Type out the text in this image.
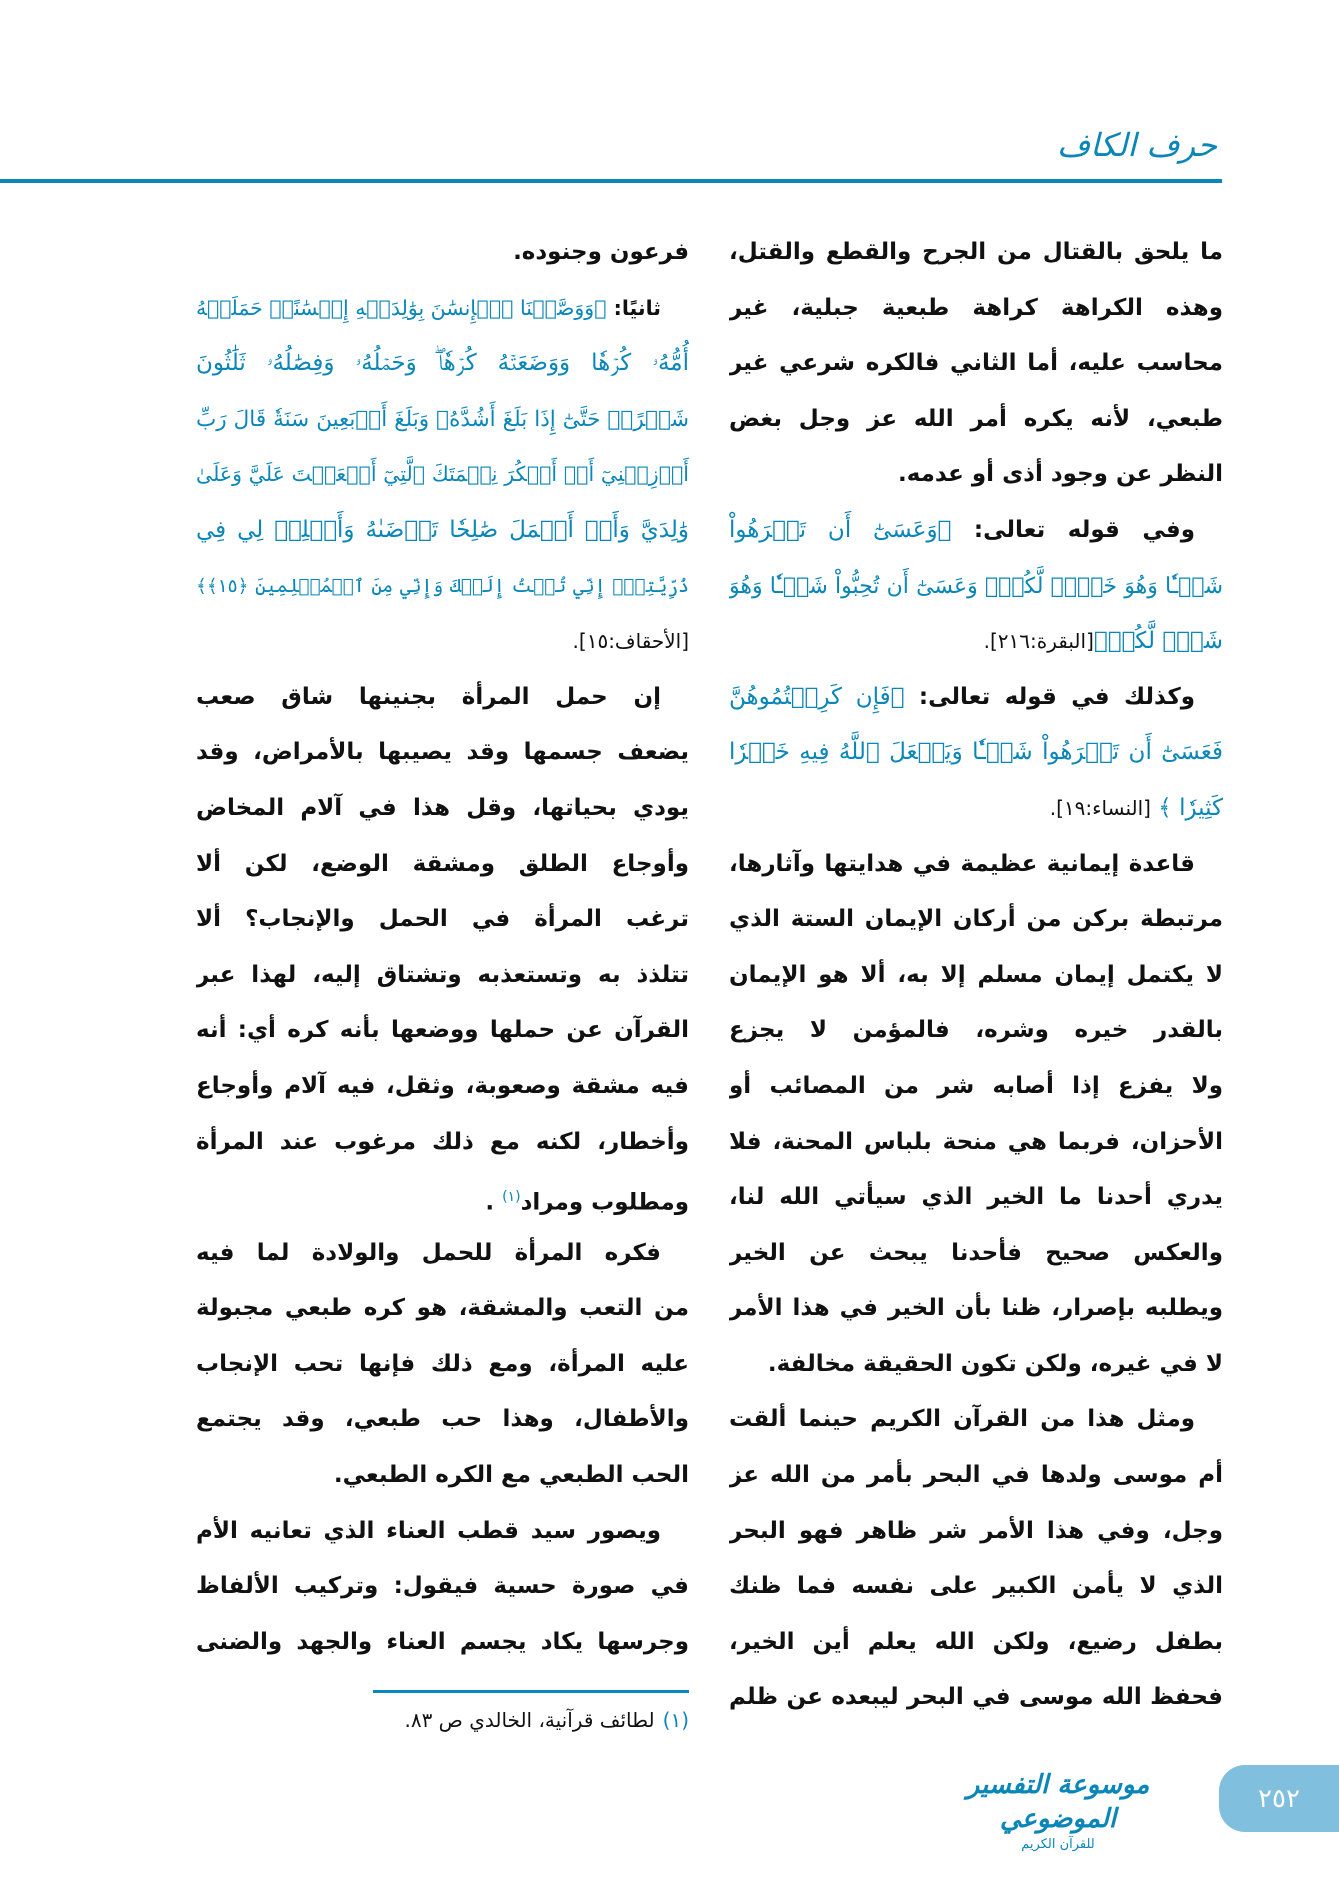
حرف الكاف
ما يلحق بالقتال من الجرح والقطع والقتل،
وهذه الكراهة كراهة طبعية جبلية، غير
محاسب عليه، أما الثاني فالكره شرعي غير
طبعي، لأنه يكره أمر الله عز وجل بغض
النظر عن وجود أذى أو عدمه.
وفي قوله تعالى: ﴿وَعَسَىٰٓ أَن تَكۡرَهُواْ
شَيۡـٔٗا وَهُوَ خَيۡرٞ لَّكُمۡۖ وَعَسَىٰٓ أَن تُحِبُّواْ شَيۡـٔٗا وَهُوَ
شَرّٞ لَّكُمۡ﴾[البقرة:٢١٦].
وكذلك في قوله تعالى: ﴿فَإِن كَرِهۡتُمُوهُنَّ
فَعَسَىٰٓ أَن تَكۡرَهُواْ شَيۡـٔٗا وَيَجۡعَلَ ٱللَّهُ فِيهِ خَيۡرٗا
كَثِيرٗا ﴾ [النساء:١٩].
قاعدة إيمانية عظيمة في هدايتها وآثارها،
مرتبطة بركن من أركان الإيمان الستة الذي
لا يكتمل إيمان مسلم إلا به، ألا هو الإيمان
بالقدر خيره وشره، فالمؤمن لا يجزع
ولا يفزع إذا أصابه شر من المصائب أو
الأحزان، فربما هي منحة بلباس المحنة، فلا
يدري أحدنا ما الخير الذي سيأتي الله لنا،
والعكس صحيح فأحدنا يبحث عن الخير
ويطلبه بإصرار، ظنا بأن الخير في هذا الأمر
لا في غيره، ولكن تكون الحقيقة مخالفة.
ومثل هذا من القرآن الكريم حينما ألقت
أم موسى ولدها في البحر بأمر من الله عز
وجل، وفي هذا الأمر شر ظاهر فهو البحر
الذي لا يأمن الكبير على نفسه فما ظنك
بطفل رضيع، ولكن الله يعلم أين الخير،
فحفظ الله موسى في البحر ليبعده عن ظلم
فرعون وجنوده.
ثانيًا: ﴿وَوَصَّيۡنَا ٱلۡإِنسَٰنَ بِوَٰلِدَيۡهِ إِحۡسَٰنًاۖ حَمَلَتۡهُ
أُمُّهُۥ كُرۡهٗا وَوَضَعَتۡهُ كُرۡهٗاۖ وَحَمۡلُهُۥ وَفِصَٰلُهُۥ ثَلَٰثُونَ
شَهۡرًاۚ حَتَّىٰٓ إِذَا بَلَغَ أَشُدَّهُۥ وَبَلَغَ أَرۡبَعِينَ سَنَةٗ قَالَ رَبِّ
أَوۡزِعۡنِيٓ أَنۡ أَشۡكُرَ نِعۡمَتَكَ ٱلَّتِيٓ أَنۡعَمۡتَ عَلَيَّ وَعَلَىٰ
وَٰلِدَيَّ وَأَنۡ أَعۡمَلَ صَٰلِحٗا تَرۡضَىٰهُ وَأَصۡلِحۡ لِي فِي
ذُرِّيَّتِيٓۖ إِنِّي تُبۡتُ إِلَيۡكَ وَإِنِّي مِنَ ٱلۡمُسۡلِمِينَ ﴿١٥﴾﴾
[الأحقاف:١٥].
إن حمل المرأة بجنينها شاق صعب
يضعف جسمها وقد يصيبها بالأمراض، وقد
يودي بحياتها، وقل هذا في آلام المخاض
وأوجاع الطلق ومشقة الوضع، لكن ألا
ترغب المرأة في الحمل والإنجاب؟ ألا
تتلذذ به وتستعذبه وتشتاق إليه، لهذا عبر
القرآن عن حملها ووضعها بأنه كره أي: أنه
فيه مشقة وصعوبة، وثقل، فيه آلام وأوجاع
وأخطار، لكنه مع ذلك مرغوب عند المرأة
ومطلوب ومراد$^{(١)}$ .
فكره المرأة للحمل والولادة لما فيه
من التعب والمشقة، هو كره طبعي مجبولة
عليه المرأة، ومع ذلك فإنها تحب الإنجاب
والأطفال، وهذا حب طبعي، وقد يجتمع
الحب الطبعي مع الكره الطبعي.
ويصور سيد قطب العناء الذي تعانيه الأم
في صورة حسية فيقول: وتركيب الألفاظ
وجرسها يكاد يجسم العناء والجهد والضنى
(١)لطائف قرآنية، الخالدي ص ٨٣.
موسوعة التفسير الموضوعي
للقرآن الكريم
٢٥٢
